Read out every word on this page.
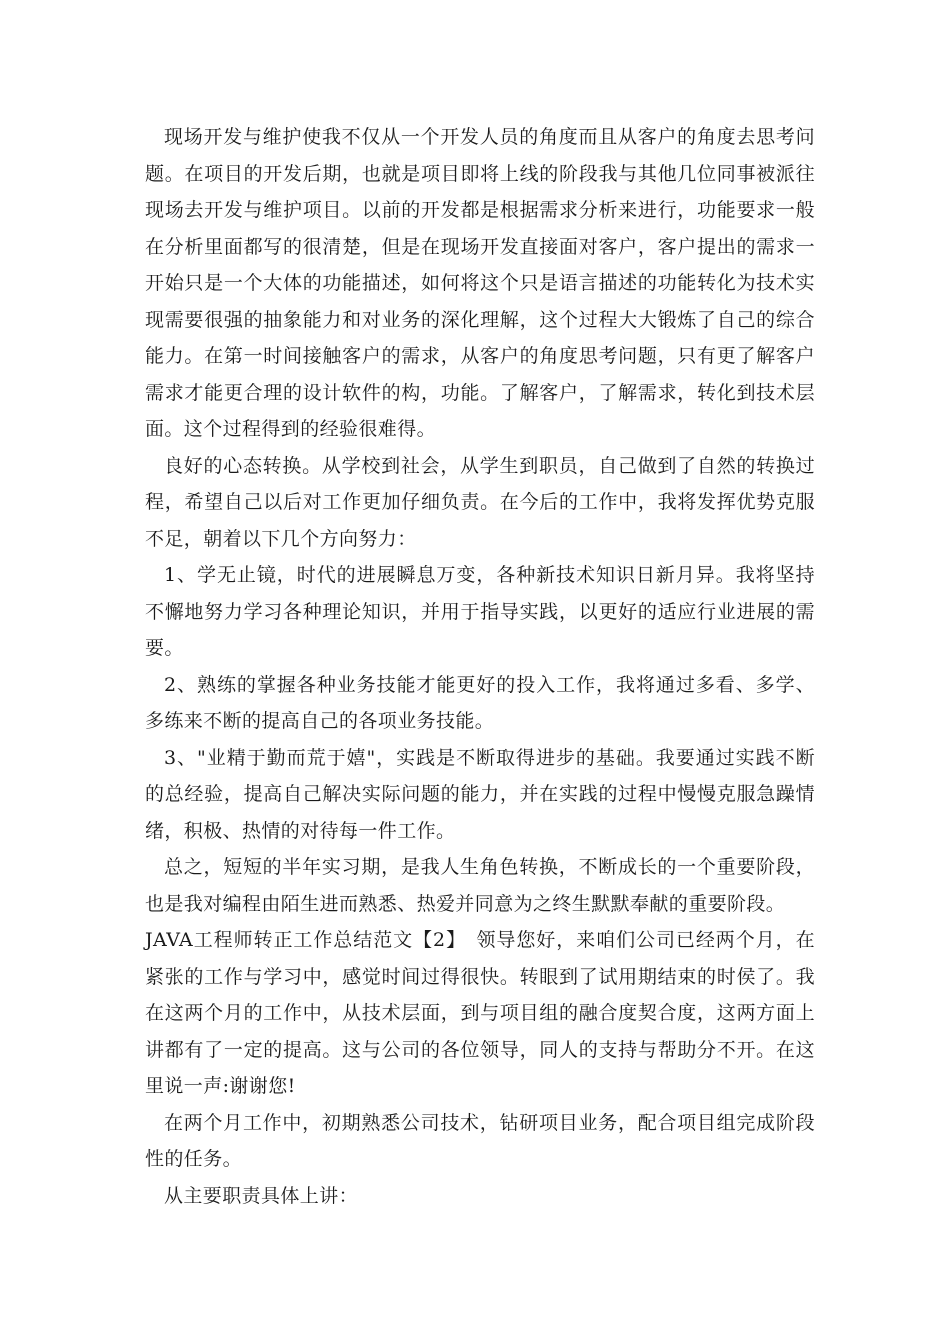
现场开发与维护使我不仅从一个开发人员的角度而且从客户的角度去思考问题。在项目的开发后期，也就是项目即将上线的阶段我与其他几位同事被派往现场去开发与维护项目。以前的开发都是根据需求分析来进行，功能要求一般在分析里面都写的很清楚，但是在现场开发直接面对客户，客户提出的需求一开始只是一个大体的功能描述，如何将这个只是语言描述的功能转化为技术实现需要很强的抽象能力和对业务的深化理解，这个过程大大锻炼了自己的综合能力。在第一时间接触客户的需求，从客户的角度思考问题，只有更了解客户需求才能更合理的设计软件的构，功能。了解客户，了解需求，转化到技术层面。这个过程得到的经验很难得。

良好的心态转换。从学校到社会，从学生到职员，自己做到了自然的转换过程，希望自己以后对工作更加仔细负责。在今后的工作中，我将发挥优势克服不足，朝着以下几个方向努力：

1、学无止镜，时代的进展瞬息万变，各种新技术知识日新月异。我将坚持不懈地努力学习各种理论知识，并用于指导实践，以更好的适应行业进展的需要。

2、熟练的掌握各种业务技能才能更好的投入工作，我将通过多看、多学、多练来不断的提高自己的各项业务技能。

3、"业精于勤而荒于嬉"，实践是不断取得进步的基础。我要通过实践不断的总经验，提高自己解决实际问题的能力，并在实践的过程中慢慢克服急躁情绪，积极、热情的对待每一件工作。

总之，短短的半年实习期，是我人生角色转换，不断成长的一个重要阶段，也是我对编程由陌生进而熟悉、热爱并同意为之终生默默奉献的重要阶段。

JAVA工程师转正工作总结范文【2】　领导您好，来咱们公司已经两个月，在紧张的工作与学习中，感觉时间过得很快。转眼到了试用期结束的时侯了。我在这两个月的工作中，从技术层面，到与项目组的融合度契合度，这两方面上讲都有了一定的提高。这与公司的各位领导，同人的支持与帮助分不开。在这里说一声:谢谢您!

在两个月工作中，初期熟悉公司技术，钻研项目业务，配合项目组完成阶段性的任务。

从主要职责具体上讲：
